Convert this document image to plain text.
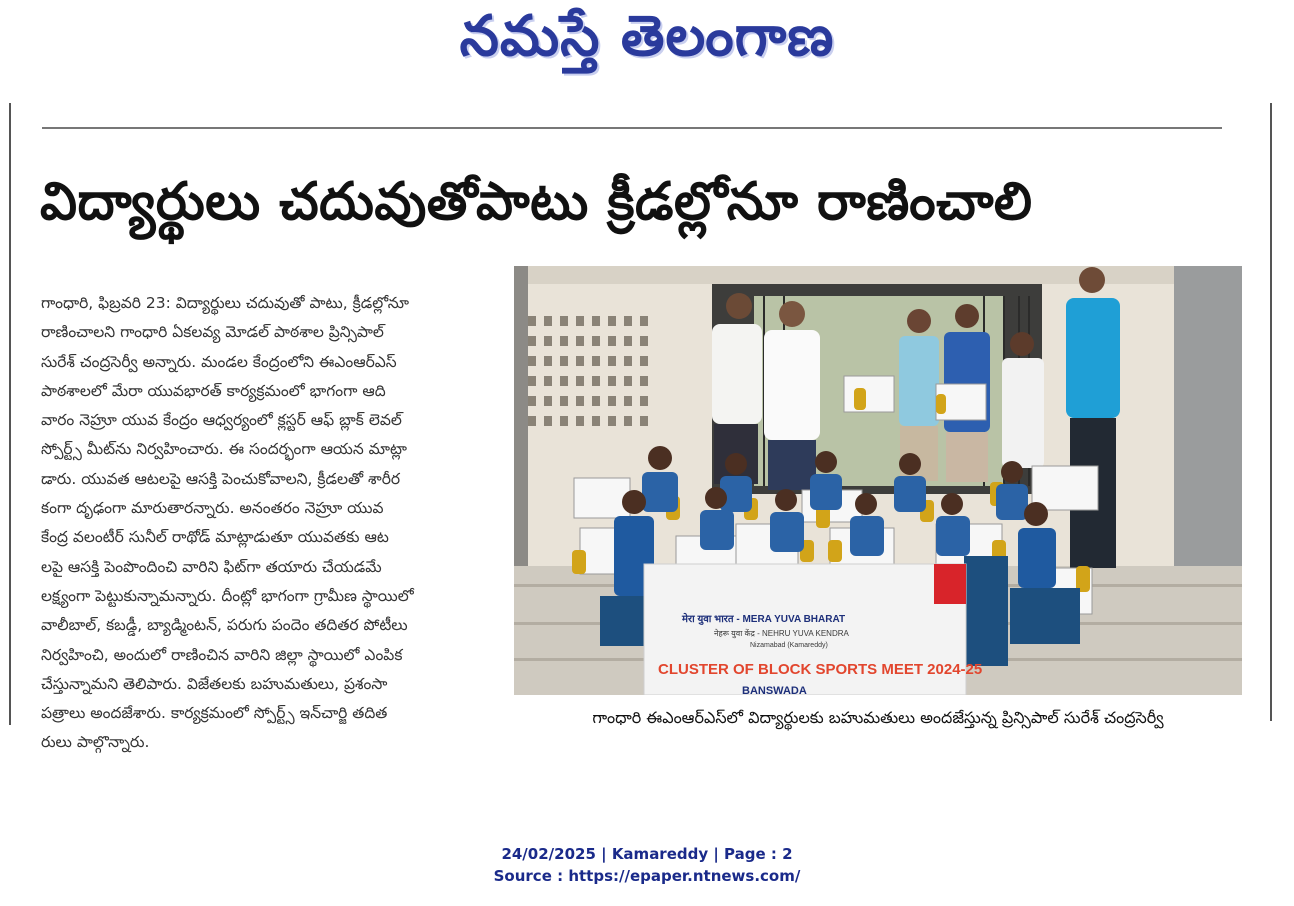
నమస్తే తెలంగాణ
విద్యార్థులు చదువుతోపాటు క్రీడల్లోనూ రాణించాలి
గాంధారి, ఫిబ్రవరి 23: విద్యార్థులు చదువుతో పాటు, క్రీడల్లోనూ
రాణించాలని గాంధారి ఏకలవ్య మోడల్ పాఠశాల ప్రిన్సిపాల్
సురేశ్ చంద్రసెర్వీ అన్నారు. మండల కేంద్రంలోని ఈఎంఆర్‌ఎస్
పాఠశాలలో మేరా యువభారత్ కార్యక్రమంలో భాగంగా ఆది
వారం నెహ్రూ యువ కేంద్రం ఆధ్వర్యంలో క్లస్టర్ ఆఫ్ బ్లాక్ లెవల్
స్పోర్ట్స్ మీట్‌ను నిర్వహించారు. ఈ సందర్భంగా ఆయన మాట్లా
డారు. యువత ఆటలపై ఆసక్తి పెంచుకోవాలని, క్రీడలతో శారీర
కంగా దృఢంగా మారుతారన్నారు. అనంతరం నెహ్రూ యువ
కేంద్ర వలంటీర్ సునీల్ రాథోడ్ మాట్లాడుతూ యువతకు ఆట
లపై ఆసక్తి పెంపొందించి వారిని ఫిట్‌గా తయారు చేయడమే
లక్ష్యంగా పెట్టుకున్నామన్నారు. దీంట్లో భాగంగా గ్రామీణ స్థాయిలో
వాలీబాల్, కబడ్డీ, బ్యాడ్మింటన్, పరుగు పందెం తదితర పోటీలు
నిర్వహించి, అందులో రాణించిన వారిని జిల్లా స్థాయిలో ఎంపిక
చేస్తున్నామని తెలిపారు. విజేతలకు బహుమతులు, ప్రశంసా
పత్రాలు అందజేశారు. కార్యక్రమంలో స్పోర్ట్స్ ఇన్‌చార్జి తదిత
రులు పాల్గొన్నారు.
मेरा युवा भारत - MERA YUVA BHARAT
नेहरू युवा केंद्र - NEHRU YUVA KENDRA
Nizamabad (Kamareddy)
CLUSTER OF BLOCK SPORTS MEET 2024-25
BANSWADA
గాంధారి ఈఎంఆర్‌ఎస్‌లో విద్యార్థులకు బహుమతులు అందజేస్తున్న ప్రిన్సిపాల్ సురేశ్ చంద్రసెర్వీ
24/02/2025 | Kamareddy | Page : 2
Source : https://epaper.ntnews.com/
